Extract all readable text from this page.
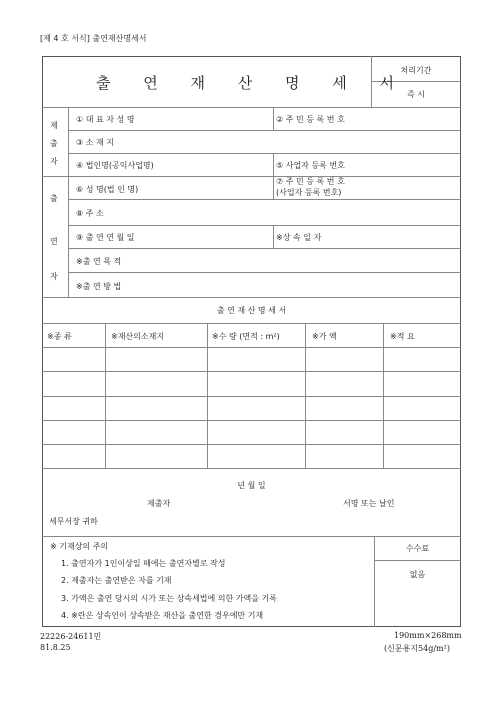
[제 4 호 서식] 출연재산명세서
출 연 재 산 명 세 서
처리기간
즉 시
제
출
자
① 대 표 자 성 명	② 주 민 등 록 번 호
③ 소 재 지
④ 법인명(공익사업명)	⑤ 사업자 등록 번호
출
연
자
⑥ 성 명(법 인 명)
⑦ 주 민 등 록 번 호
(사업자 등록 번호)
⑧ 주 소
⑨ 출 연 연 월 일	※상 속 일 자
※출 연 목 적
※출 연 방 법
출 연 재 산 명 세 서
※종 류	※재산의소재지	※수 량 (면적 : m²)	※가 액	※적 요
년 월 일
제출자	서명 또는 날인
세무서장 귀하
※ 기재상의 주의
1. 출연자가 1인이상일 때에는 출연자별로 작성
2. 제출자는 출연받은 자를 기재
3. 가액은 출연 당시의 시가 또는 상속세법에 의한 가액을 기록
4. ※란은 상속인이 상속받은 재산을 출연한 경우에만 기재
수수료
없음
22226-24611민
81.8.25
190mm×268mm
(신문용지54g/m²)
